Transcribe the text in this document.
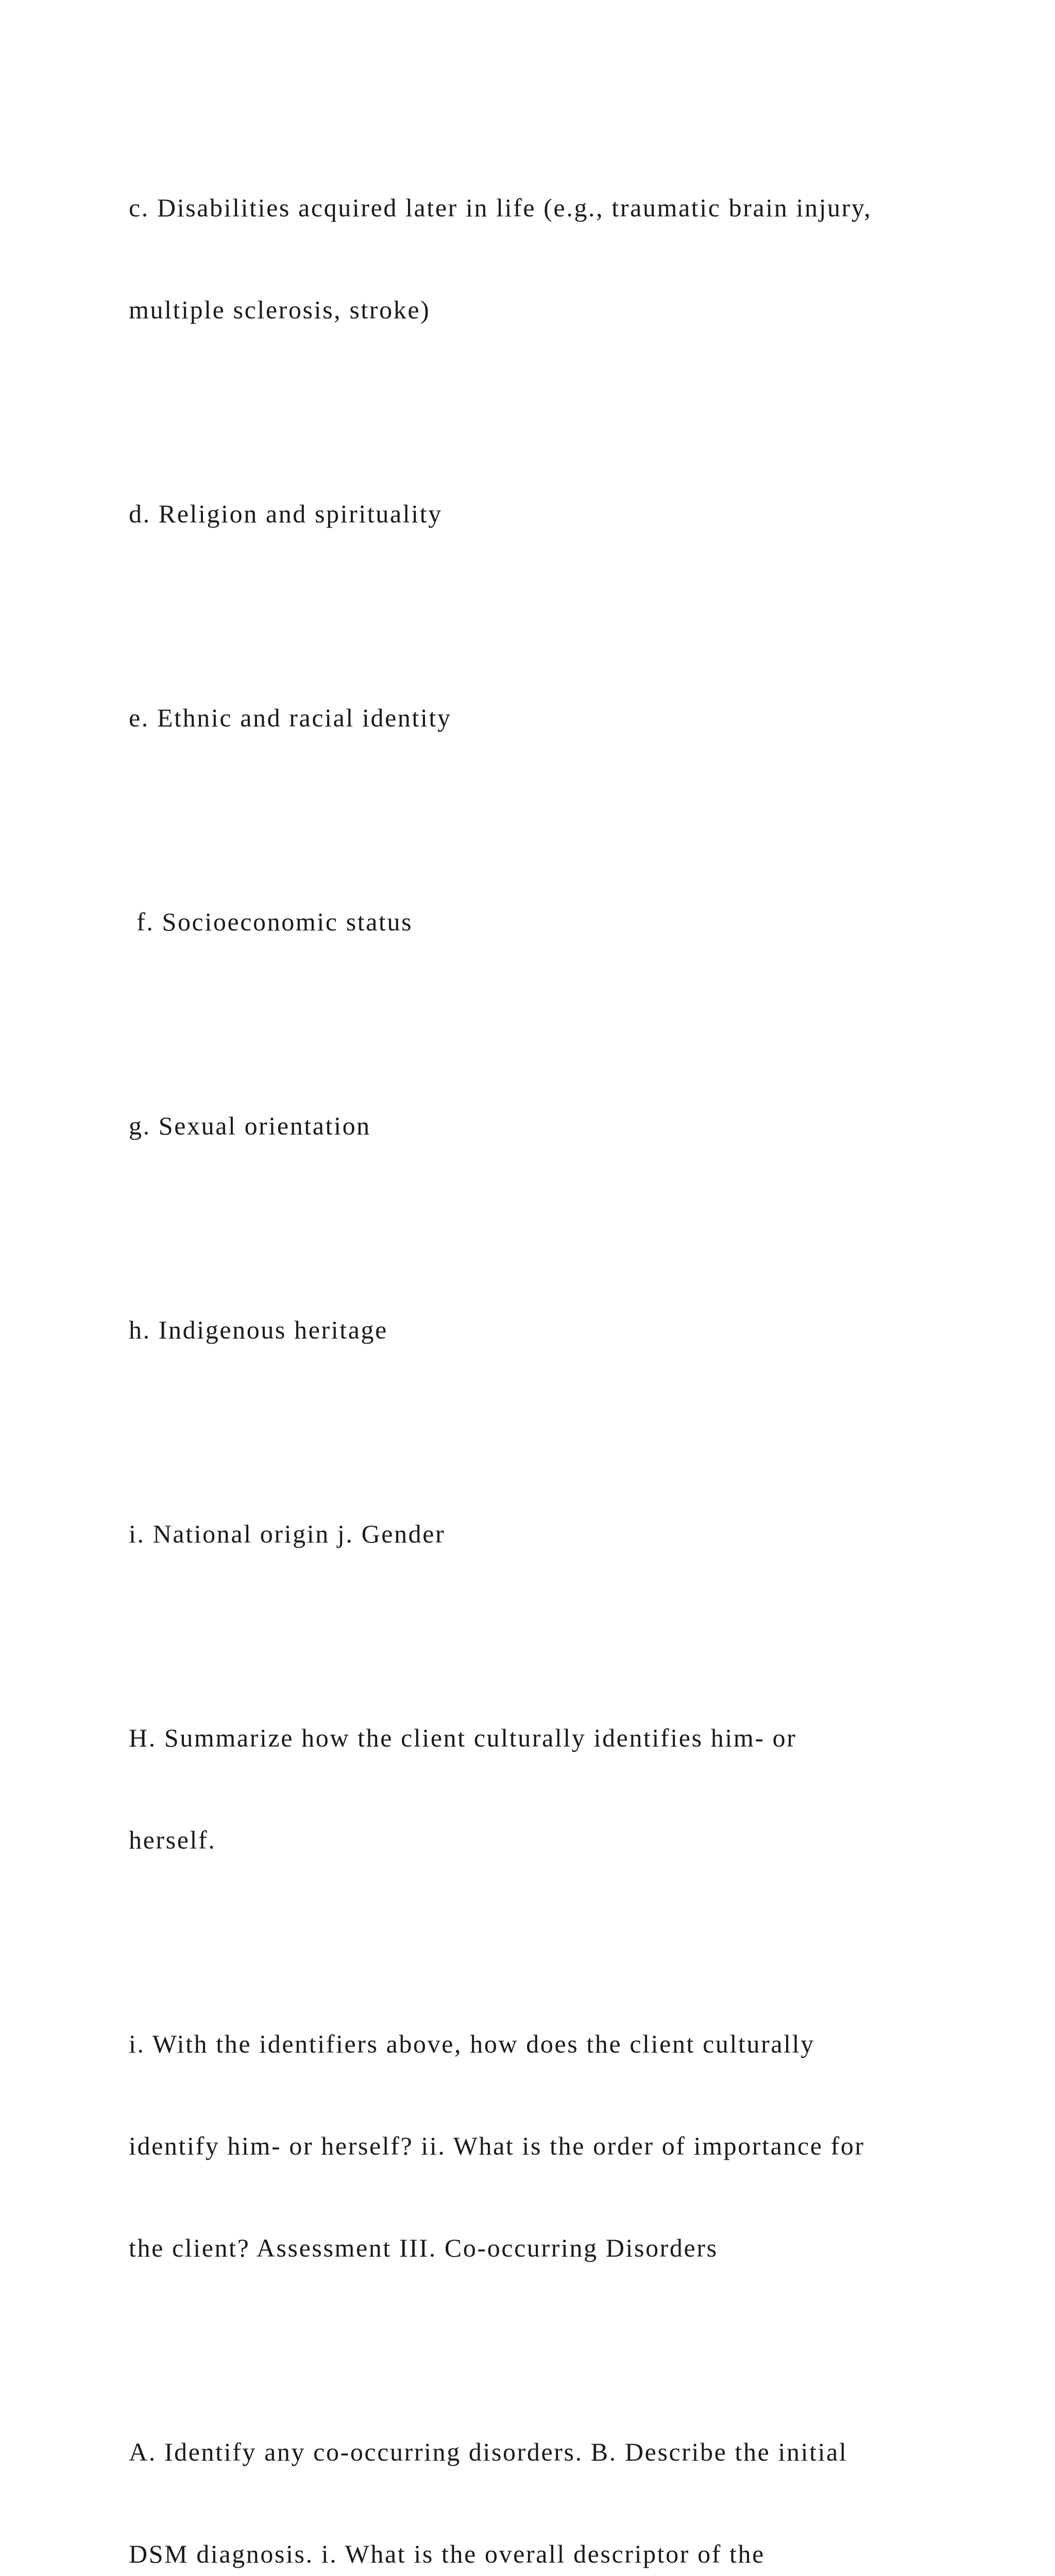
c. Disabilities acquired later in life (e.g., traumatic brain injury,

multiple sclerosis, stroke)

d. Religion and spirituality

e. Ethnic and racial identity

f. Socioeconomic status

g. Sexual orientation

h. Indigenous heritage

i. National origin j. Gender

H. Summarize how the client culturally identifies him- or

herself.

i. With the identifiers above, how does the client culturally

identify him- or herself? ii. What is the order of importance for

the client? Assessment III. Co-occurring Disorders

A. Identify any co-occurring disorders. B. Describe the initial

DSM diagnosis. i. What is the overall descriptor of the
